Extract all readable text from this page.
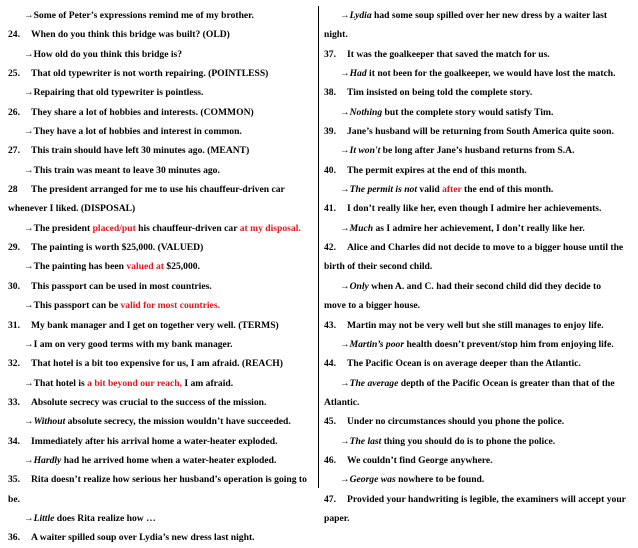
→Some of Peter’s expressions remind me of my brother.
24. When do you think this bridge was built? (OLD)
→How old do you think this bridge is?
25. That old typewriter is not worth repairing. (POINTLESS)
→Repairing that old typewriter is pointless.
26. They share a lot of hobbies and interests. (COMMON)
→They have a lot of hobbies and interest in common.
27. This train should have left 30 minutes ago. (MEANT)
→This train was meant to leave 30 minutes ago.
28 The president arranged for me to use his chauffeur-driven car
whenever I liked. (DISPOSAL)
→The president placed/put his chauffeur-driven car at my disposal.
29. The painting is worth $25,000. (VALUED)
→The painting has been valued at $25,000.
30. This passport can be used in most countries.
→This passport can be valid for most countries.
31. My bank manager and I get on together very well. (TERMS)
→I am on very good terms with my bank manager.
32. That hotel is a bit too expensive for us, I am afraid. (REACH)
→That hotel is a bit beyond our reach, I am afraid.
33. Absolute secrecy was crucial to the success of the mission.
→Without absolute secrecy, the mission wouldn’t have succeeded.
34. Immediately after his arrival home a water-heater exploded.
→Hardly had he arrived home when a water-heater exploded.
35. Rita doesn’t realize how serious her husband’s operation is going to
be.
→Little does Rita realize how …
36. A waiter spilled soup over Lydia’s new dress last night.
→Lydia had some soup spilled over her new dress by a waiter last
night.
37. It was the goalkeeper that saved the match for us.
→Had it not been for the goalkeeper, we would have lost the match.
38. Tim insisted on being told the complete story.
→Nothing but the complete story would satisfy Tim.
39. Jane’s husband will be returning from South America quite soon.
→It won't be long after Jane’s husband returns from S.A.
40. The permit expires at the end of this month.
→The permit is not valid after the end of this month.
41. I don’t really like her, even though I admire her achievements.
→Much as I admire her achievement, I don’t really like her.
42. Alice and Charles did not decide to move to a bigger house until the
birth of their second child.
→Only when A. and C. had their second child did they decide to
move to a bigger house.
43. Martin may not be very well but she still manages to enjoy life.
→Martin’s poor health doesn’t prevent/stop him from enjoying life.
44. The Pacific Ocean is on average deeper than the Atlantic.
→The average depth of the Pacific Ocean is greater than that of the
Atlantic.
45. Under no circumstances should you phone the police.
→The last thing you should do is to phone the police.
46. We couldn’t find George anywhere.
→George was nowhere to be found.
47. Provided your handwriting is legible, the examiners will accept your
paper.
